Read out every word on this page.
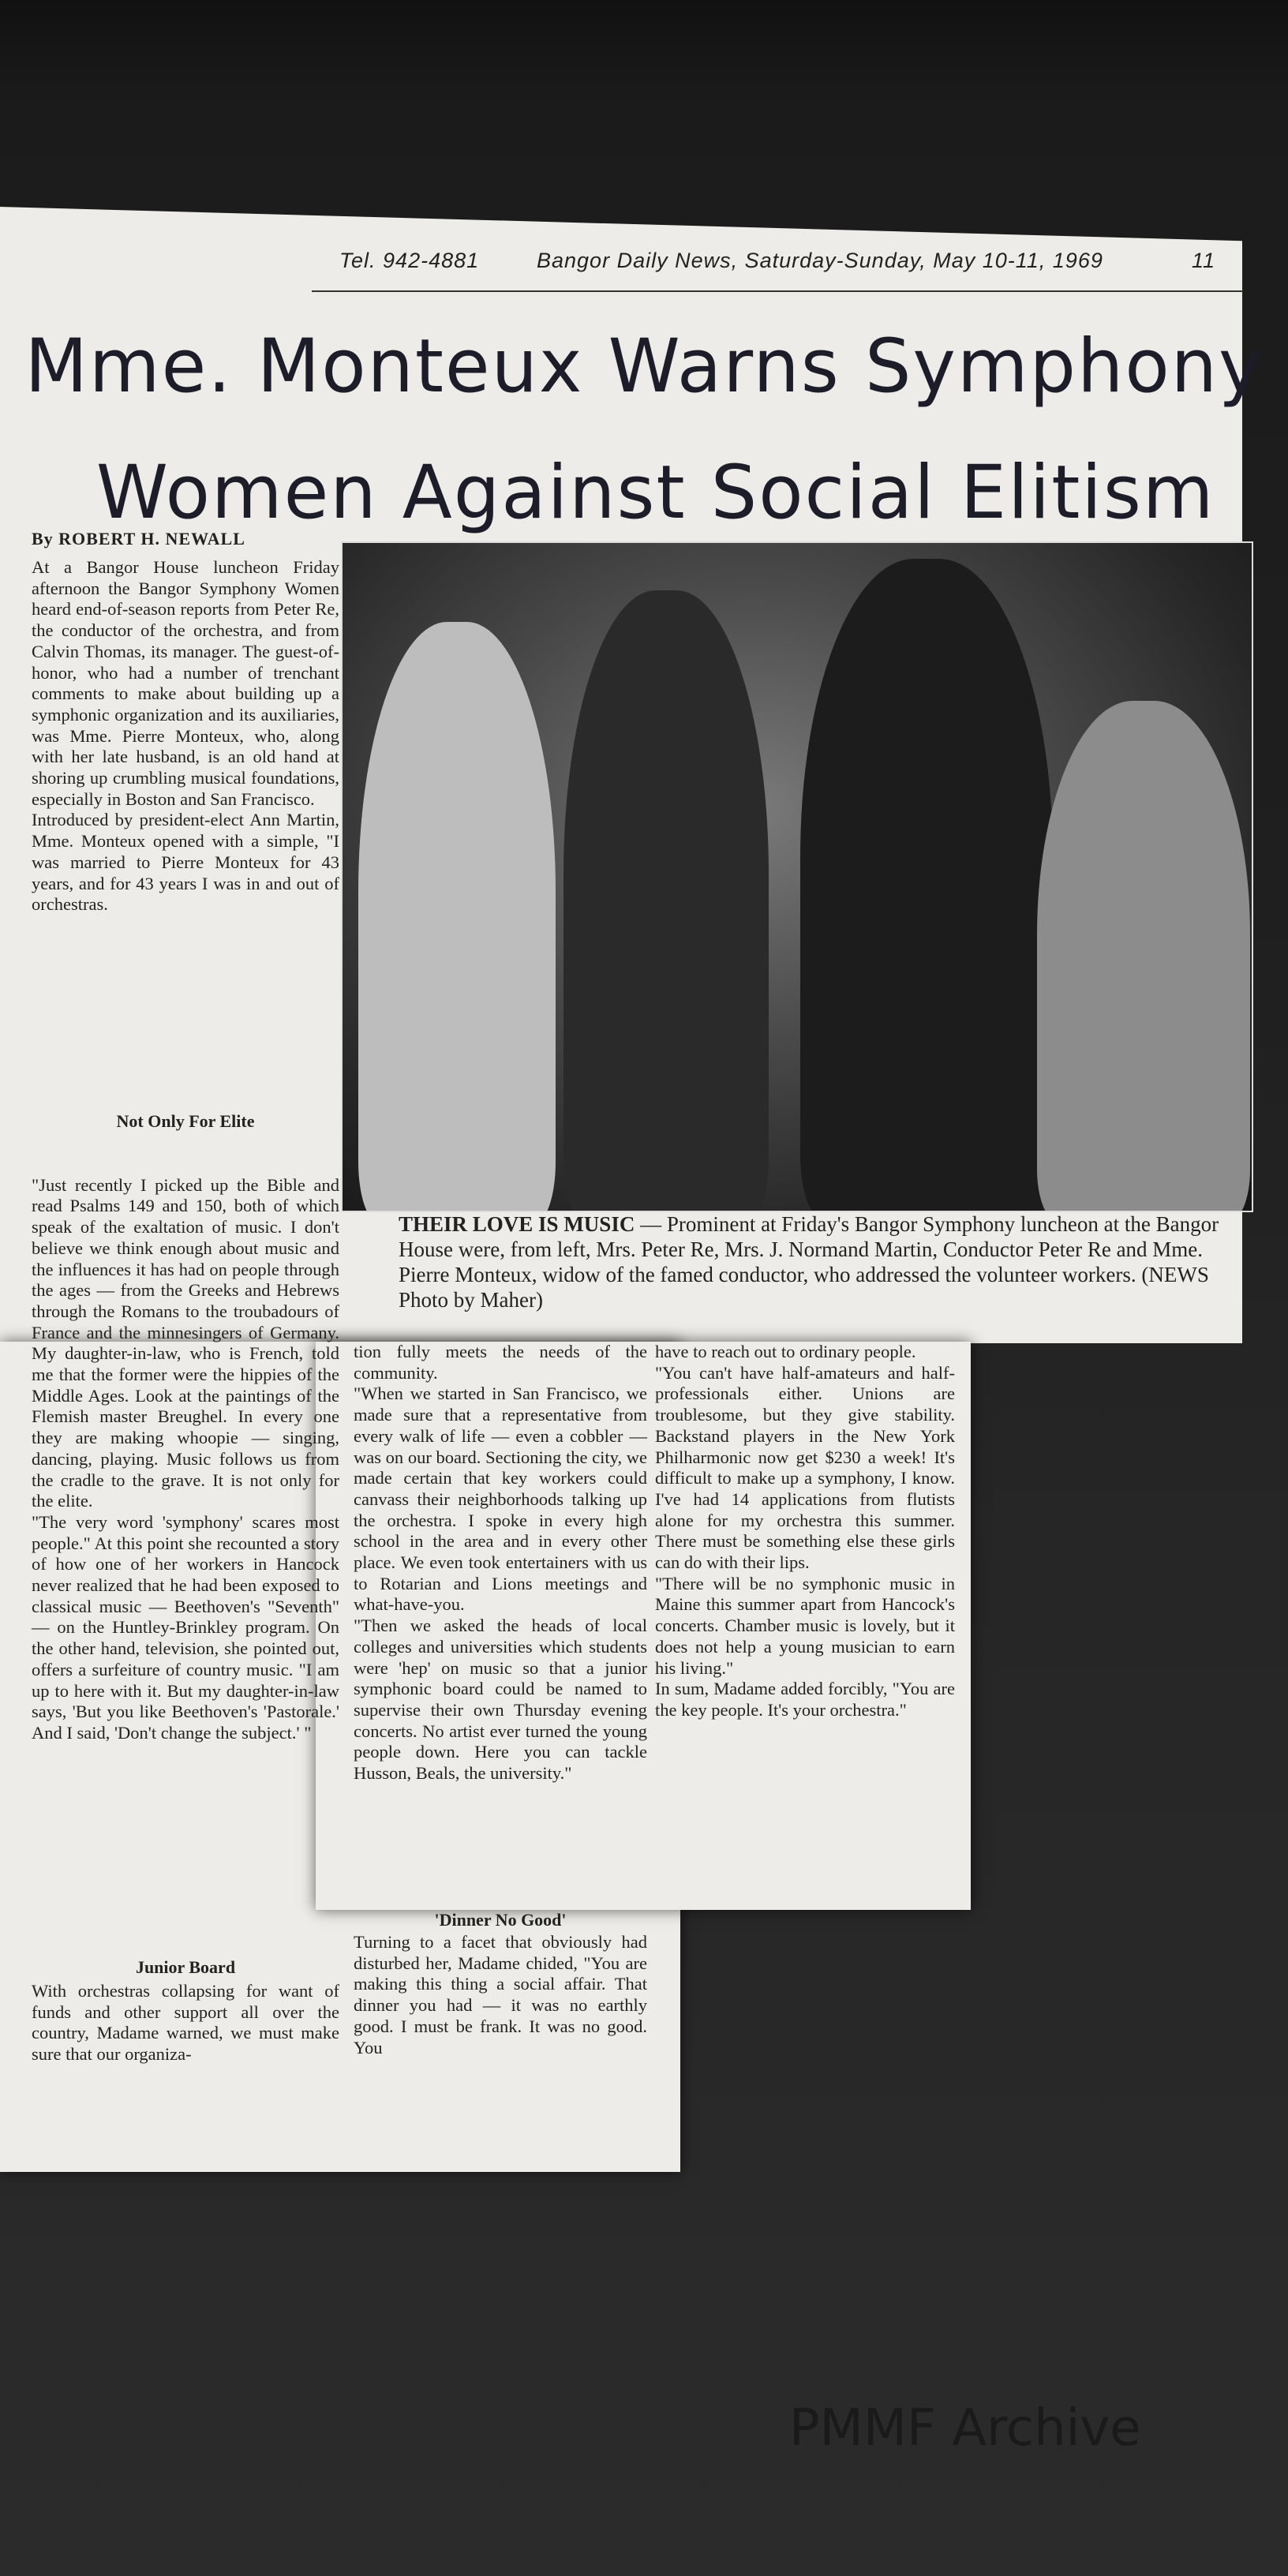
Tel. 942-4881	Bangor Daily News, Saturday-Sunday, May 10-11, 1969	11
Mme. Monteux Warns Symphony
Women Against Social Elitism
By ROBERT H. NEWALL
At a Bangor House luncheon Friday afternoon the Bangor Symphony Women heard end-of-season reports from Peter Re, the conductor of the orchestra, and from Calvin Thomas, its manager. The guest-of-honor, who had a number of trenchant comments to make about building up a symphonic organization and its auxiliaries, was Mme. Pierre Monteux, who, along with her late husband, is an old hand at shoring up crumbling musical foundations, especially in Boston and San Francisco.
Introduced by president-elect Ann Martin, Mme. Monteux opened with a simple, "I was married to Pierre Monteux for 43 years, and for 43 years I was in and out of orchestras.
Not Only For Elite
THEIR LOVE IS MUSIC — Prominent at Friday's Bangor Symphony luncheon at the Bangor House were, from left, Mrs. Peter Re, Mrs. J. Normand Martin, Conductor Peter Re and Mme. Pierre Monteux, widow of the famed conductor, who addressed the volunteer workers. (NEWS Photo by Maher)

"Just recently I picked up the Bible and read Psalms 149 and 150, both of which speak of the exaltation of music. I don't believe we think enough about music and the influences it has had on people through the ages — from the Greeks and Hebrews through the Romans to the troubadours of France and the minnesingers of Germany. My daughter-in-law, who is French, told me that the former were the hippies of the Middle Ages. Look at the paintings of the Flemish master Breughel. In every one they are making whoopie — singing, dancing, playing. Music follows us from the cradle to the grave. It is not only for the elite.
"The very word 'symphony' scares most people." At this point she recounted a story of how one of her workers in Hancock never realized that he had been exposed to classical music — Beethoven's "Seventh" — on the Huntley-Brinkley program. On the other hand, television, she pointed out, offers a surfeiture of country music. "I am up to here with it. But my daughter-in-law says, 'But you like Beethoven's 'Pastorale.' And I said, 'Don't change the subject.' "

Junior Board
With orchestras collapsing for want of funds and other support all over the country, Madame warned, we must make sure that our organiza-
tion fully meets the needs of the community.
"When we started in San Francisco, we made sure that a representative from every walk of life — even a cobbler — was on our board. Sectioning the city, we made certain that key workers could canvass their neighborhoods talking up the orchestra. I spoke in every high school in the area and in every other place. We even took entertainers with us to Rotarian and Lions meetings and what-have-you.
"Then we asked the heads of local colleges and universities which students were 'hep' on music so that a junior symphonic board could be named to supervise their own Thursday evening concerts. No artist ever turned the young people down. Here you can tackle Husson, Beals, the university."
'Dinner No Good'
Turning to a facet that obviously had disturbed her, Madame chided, "You are making this thing a social affair. That dinner you had — it was no earthly good. I must be frank. It was no good. You
have to reach out to ordinary people.
"You can't have half-amateurs and half-professionals either. Unions are troublesome, but they give stability. Backstand players in the New York Philharmonic now get $230 a week! It's difficult to make up a symphony, I know. I've had 14 applications from flutists alone for my orchestra this summer. There must be something else these girls can do with their lips.
"There will be no symphonic music in Maine this summer apart from Hancock's concerts. Chamber music is lovely, but it does not help a young musician to earn his living."
In sum, Madame added forcibly, "You are the key people. It's your orchestra."
PMMF Archive
